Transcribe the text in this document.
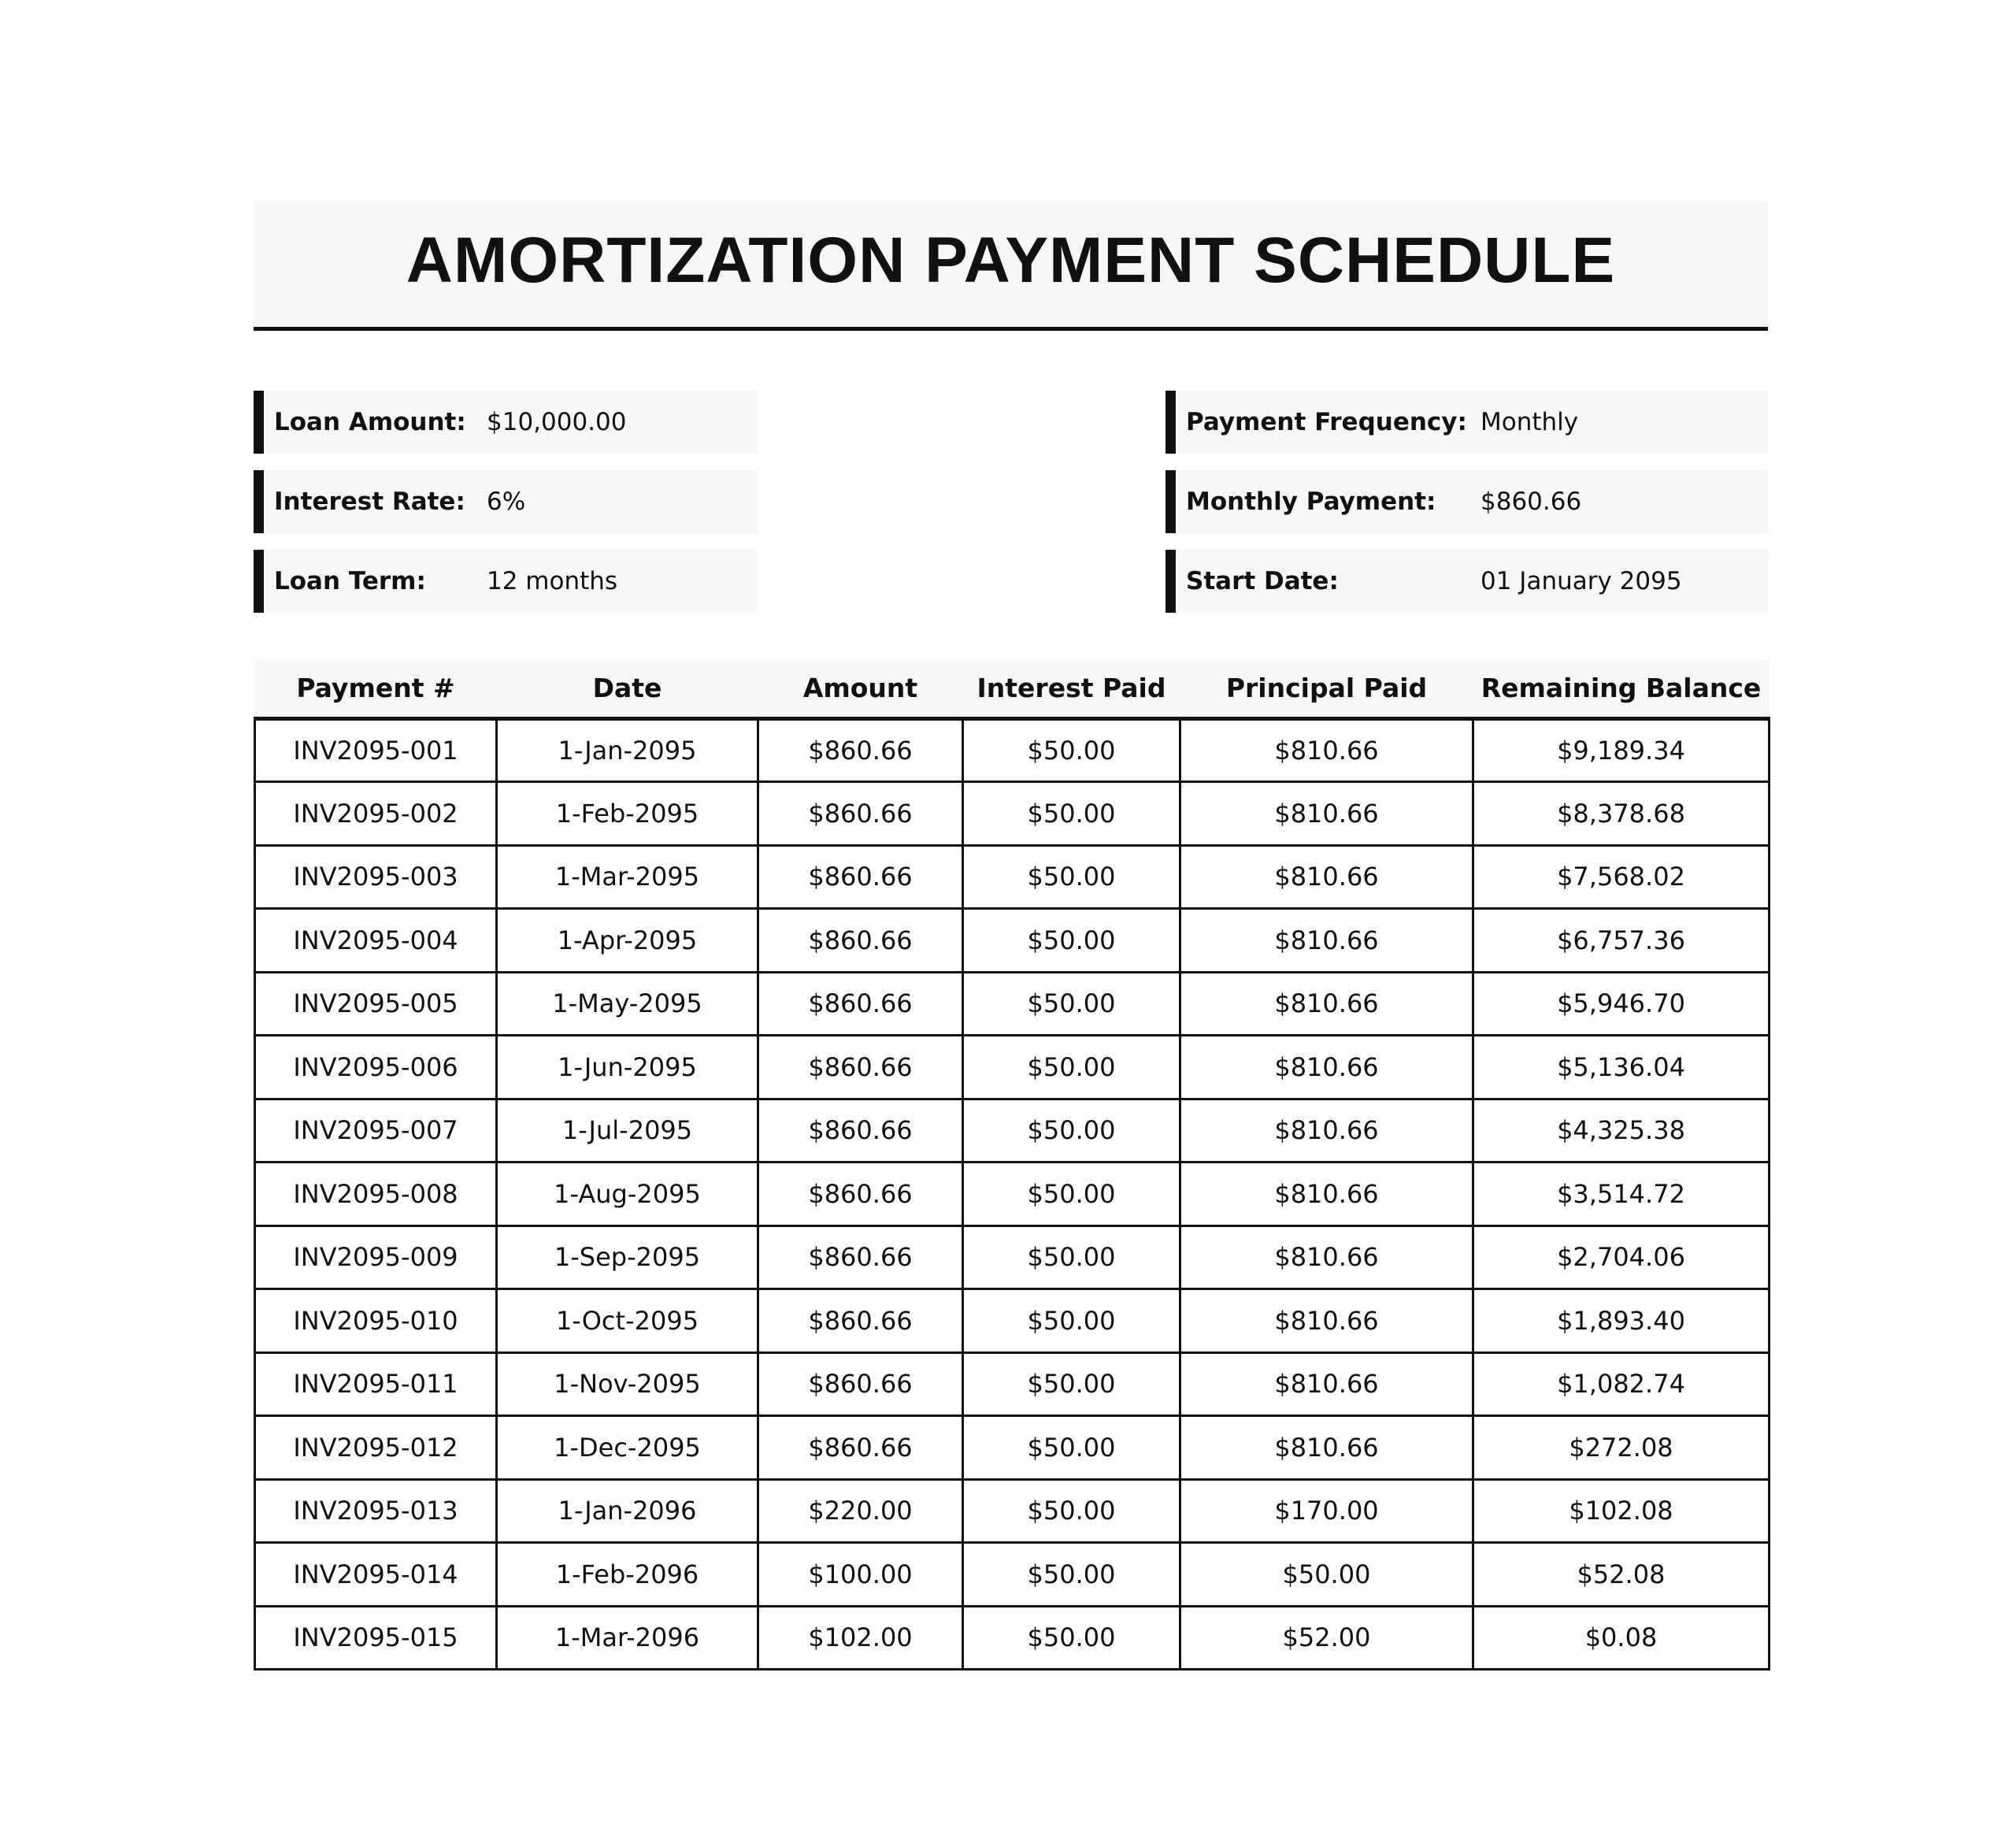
AMORTIZATION PAYMENT SCHEDULE
Loan Amount: $10,000.00
Interest Rate: 6%
Loan Term:	12 months
Payment Frequency: Monthly
Monthly Payment:	$860.66
Start Date:	01 January 2095
Payment #	Date	Amount	Interest Paid	Principal Paid	Remaining Balance
INV2095-001	1-Jan-2095	$860.66	$50.00	$810.66	$9,189.34
INV2095-002	1-Feb-2095	$860.66	$50.00	$810.66	$8,378.68
INV2095-003	1-Mar-2095	$860.66	$50.00	$810.66	$7,568.02
INV2095-004	1-Apr-2095	$860.66	$50.00	$810.66	$6,757.36
INV2095-005	1-May-2095	$860.66	$50.00	$810.66	$5,946.70
INV2095-006	1-Jun-2095	$860.66	$50.00	$810.66	$5,136.04
INV2095-007	1-Jul-2095	$860.66	$50.00	$810.66	$4,325.38
INV2095-008	1-Aug-2095	$860.66	$50.00	$810.66	$3,514.72
INV2095-009	1-Sep-2095	$860.66	$50.00	$810.66	$2,704.06
INV2095-010	1-Oct-2095	$860.66	$50.00	$810.66	$1,893.40
INV2095-011	1-Nov-2095	$860.66	$50.00	$810.66	$1,082.74
INV2095-012	1-Dec-2095	$860.66	$50.00	$810.66	$272.08
INV2095-013	1-Jan-2096	$220.00	$50.00	$170.00	$102.08
INV2095-014	1-Feb-2096	$100.00	$50.00	$50.00	$52.08
INV2095-015	1-Mar-2096	$102.00	$50.00	$52.00	$0.08
